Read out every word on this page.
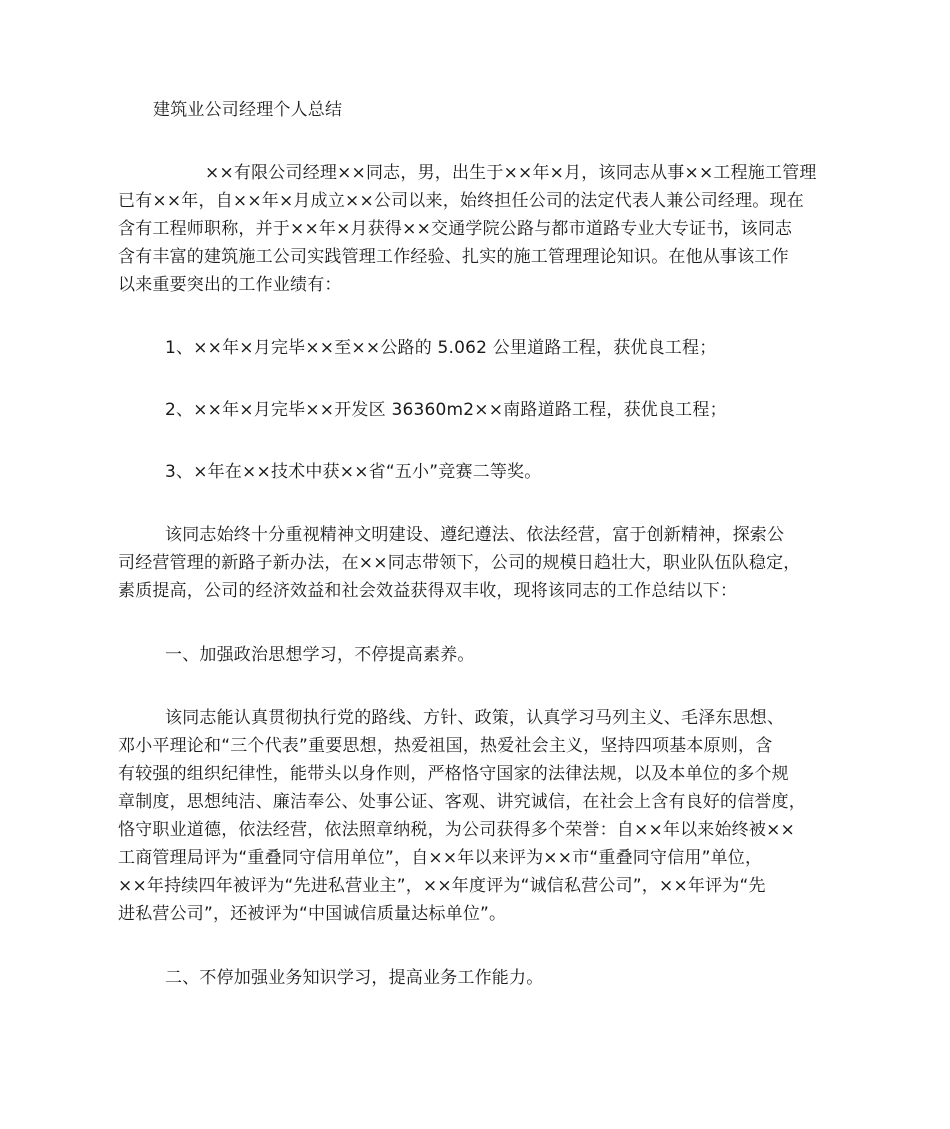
建筑业公司经理个人总结
××有限公司经理××同志，男，出生于××年×月，该同志从事××工程施工管理
已有××年，自××年×月成立××公司以来，始终担任公司的法定代表人兼公司经理。现在
含有工程师职称，并于××年×月获得××交通学院公路与都市道路专业大专证书，该同志
含有丰富的建筑施工公司实践管理工作经验、扎实的施工管理理论知识。在他从事该工作
以来重要突出的工作业绩有：
1、××年×月完毕××至××公路的 5.062 公里道路工程，获优良工程；
2、××年×月完毕××开发区 36360m2××南路道路工程，获优良工程；
3、×年在××技术中获××省“五小”竞赛二等奖。
该同志始终十分重视精神文明建设、遵纪遵法、依法经营，富于创新精神，探索公
司经营管理的新路子新办法，在××同志带领下，公司的规模日趋壮大，职业队伍队稳定，
素质提高，公司的经济效益和社会效益获得双丰收，现将该同志的工作总结以下：
一、加强政治思想学习，不停提高素养。
该同志能认真贯彻执行党的路线、方针、政策，认真学习马列主义、毛泽东思想、
邓小平理论和“三个代表”重要思想，热爱祖国，热爱社会主义，坚持四项基本原则，含
有较强的组织纪律性，能带头以身作则，严格恪守国家的法律法规，以及本单位的多个规
章制度，思想纯洁、廉洁奉公、处事公证、客观、讲究诚信，在社会上含有良好的信誉度，
恪守职业道德，依法经营，依法照章纳税，为公司获得多个荣誉：自××年以来始终被××
工商管理局评为“重叠同守信用单位”，自××年以来评为××市“重叠同守信用”单位，
××年持续四年被评为“先进私营业主”，××年度评为“诚信私营公司”，××年评为“先
进私营公司”，还被评为“中国诚信质量达标单位”。
二、不停加强业务知识学习，提高业务工作能力。
